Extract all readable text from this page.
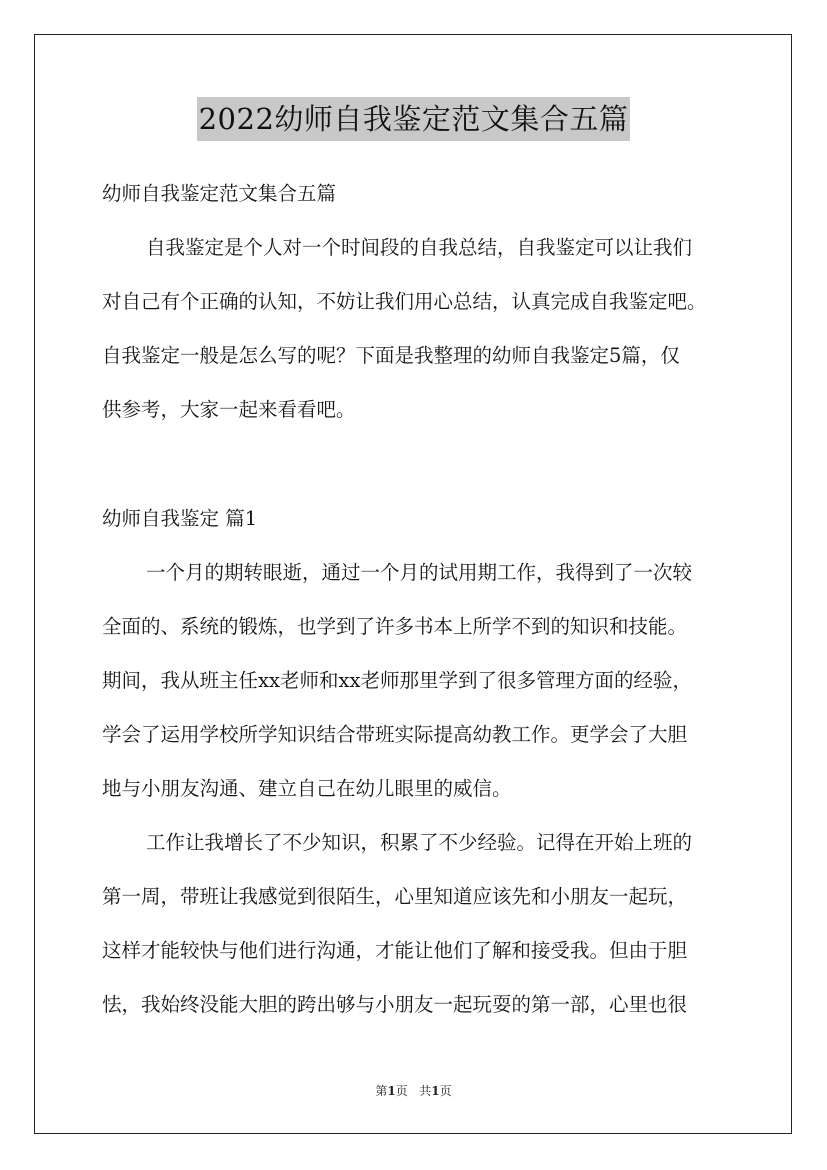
2022幼师自我鉴定范文集合五篇
幼师自我鉴定范文集合五篇
自我鉴定是个人对一个时间段的自我总结，自我鉴定可以让我们
对自己有个正确的认知，不妨让我们用心总结，认真完成自我鉴定吧。
自我鉴定一般是怎么写的呢？下面是我整理的幼师自我鉴定5篇，仅
供参考，大家一起来看看吧。
幼师自我鉴定 篇1
一个月的期转眼逝，通过一个月的试用期工作，我得到了一次较
全面的、系统的锻炼，也学到了许多书本上所学不到的知识和技能。
期间，我从班主任xx老师和xx老师那里学到了很多管理方面的经验，
学会了运用学校所学知识结合带班实际提高幼教工作。更学会了大胆
地与小朋友沟通、建立自己在幼儿眼里的威信。
工作让我增长了不少知识，积累了不少经验。记得在开始上班的
第一周，带班让我感觉到很陌生，心里知道应该先和小朋友一起玩，
这样才能较快与他们进行沟通，才能让他们了解和接受我。但由于胆
怯，我始终没能大胆的跨出够与小朋友一起玩耍的第一部，心里也很
第1页   共1页
